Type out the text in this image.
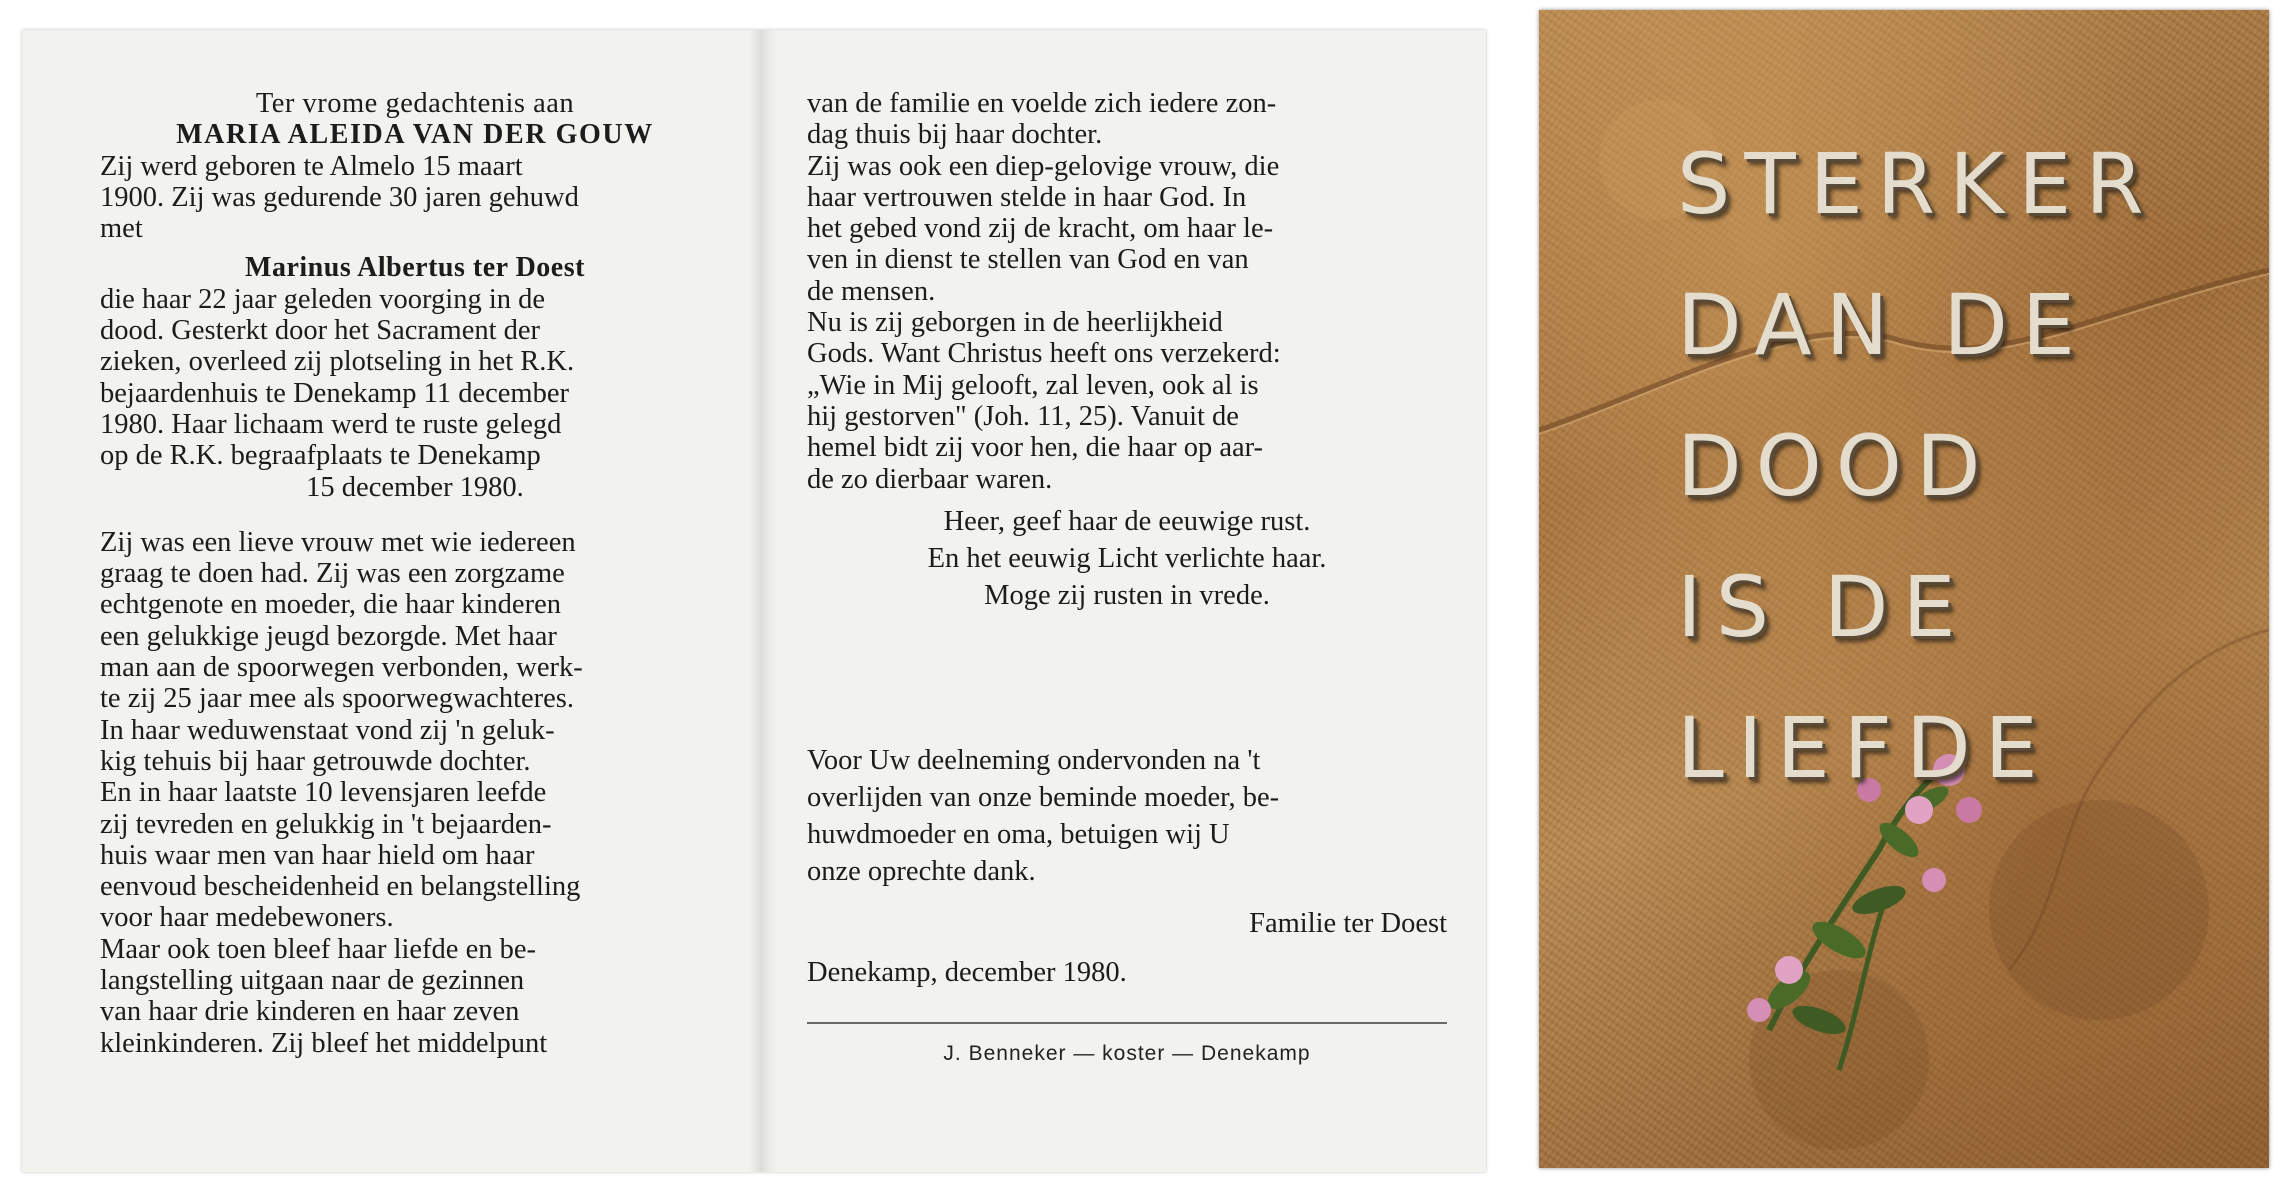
Ter vrome gedachtenis aan
MARIA ALEIDA VAN DER GOUW
Zij werd geboren te Almelo 15 maart
1900. Zij was gedurende 30 jaren gehuwd
met
Marinus Albertus ter Doest
die haar 22 jaar geleden voorging in de
dood. Gesterkt door het Sacrament der
zieken, overleed zij plotseling in het R.K.
bejaardenhuis te Denekamp 11 december
1980. Haar lichaam werd te ruste gelegd
op de R.K. begraafplaats te Denekamp
15 december 1980.
Zij was een lieve vrouw met wie iedereen
graag te doen had. Zij was een zorgzame
echtgenote en moeder, die haar kinderen
een gelukkige jeugd bezorgde. Met haar
man aan de spoorwegen verbonden, werk-
te zij 25 jaar mee als spoorwegwachteres.
In haar weduwenstaat vond zij 'n geluk-
kig tehuis bij haar getrouwde dochter.
En in haar laatste 10 levensjaren leefde
zij tevreden en gelukkig in 't bejaarden-
huis waar men van haar hield om haar
eenvoud bescheidenheid en belangstelling
voor haar medebewoners.
Maar ook toen bleef haar liefde en be-
langstelling uitgaan naar de gezinnen
van haar drie kinderen en haar zeven
kleinkinderen. Zij bleef het middelpunt
van de familie en voelde zich iedere zon-
dag thuis bij haar dochter.
Zij was ook een diep-gelovige vrouw, die
haar vertrouwen stelde in haar God. In
het gebed vond zij de kracht, om haar le-
ven in dienst te stellen van God en van
de mensen.
Nu is zij geborgen in de heerlijkheid
Gods. Want Christus heeft ons verzekerd:
„Wie in Mij gelooft, zal leven, ook al is
hij gestorven" (Joh. 11, 25). Vanuit de
hemel bidt zij voor hen, die haar op aar-
de zo dierbaar waren.
Heer, geef haar de eeuwige rust.
En het eeuwig Licht verlichte haar.
Moge zij rusten in vrede.
Voor Uw deelneming ondervonden na 't
overlijden van onze beminde moeder, be-
huwdmoeder en oma, betuigen wij U
onze oprechte dank.
Familie ter Doest
Denekamp, december 1980.
J. Benneker — koster — Denekamp
STERKER
DAN DE
DOOD
IS DE
LIEFDE
